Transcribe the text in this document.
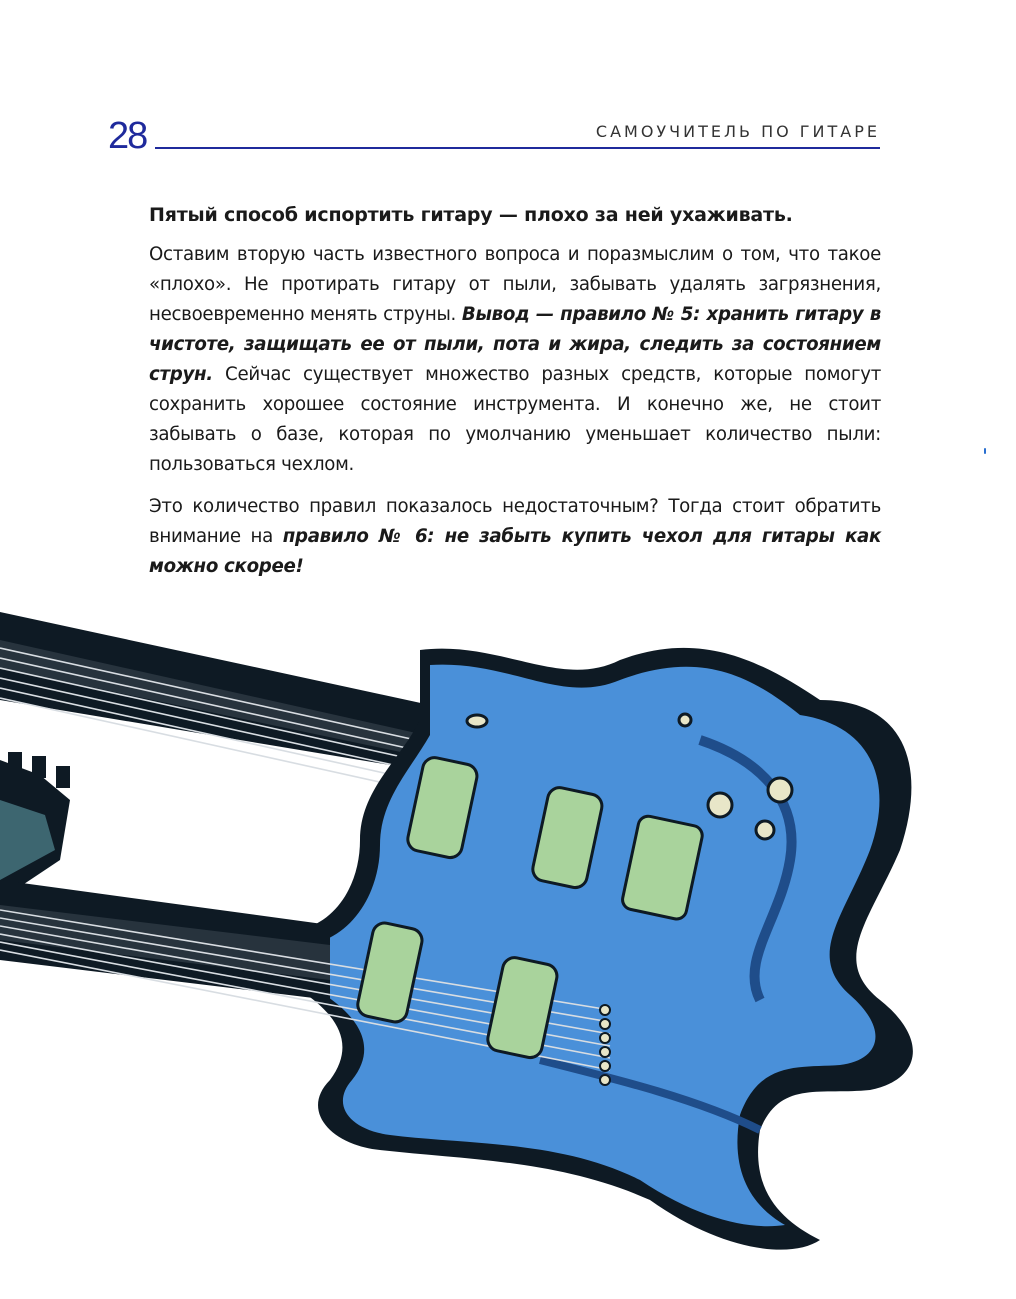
28	САМОУЧИТЕЛЬ ПО ГИТАРЕ
Пятый способ испортить гитару — плохо за ней ухаживать.

Оставим вторую часть известного вопроса и поразмыслим о том, что такое «плохо». Не протирать гитару от пыли, забывать удалять загрязнения, несвоевременно менять струны. Вывод — правило № 5: хранить гитару в чистоте, защищать ее от пыли, пота и жира, следить за состоянием струн. Сейчас существует множество разных средств, которые помогут сохранить хорошее состояние инструмента. И конечно же, не стоит забывать о базе, которая по умолчанию уменьшает количество пыли: пользоваться чехлом.

Это количество правил показалось недостаточным? Тогда стоит обратить внимание на правило № 6: не забыть купить чехол для гитары как можно скорее!
